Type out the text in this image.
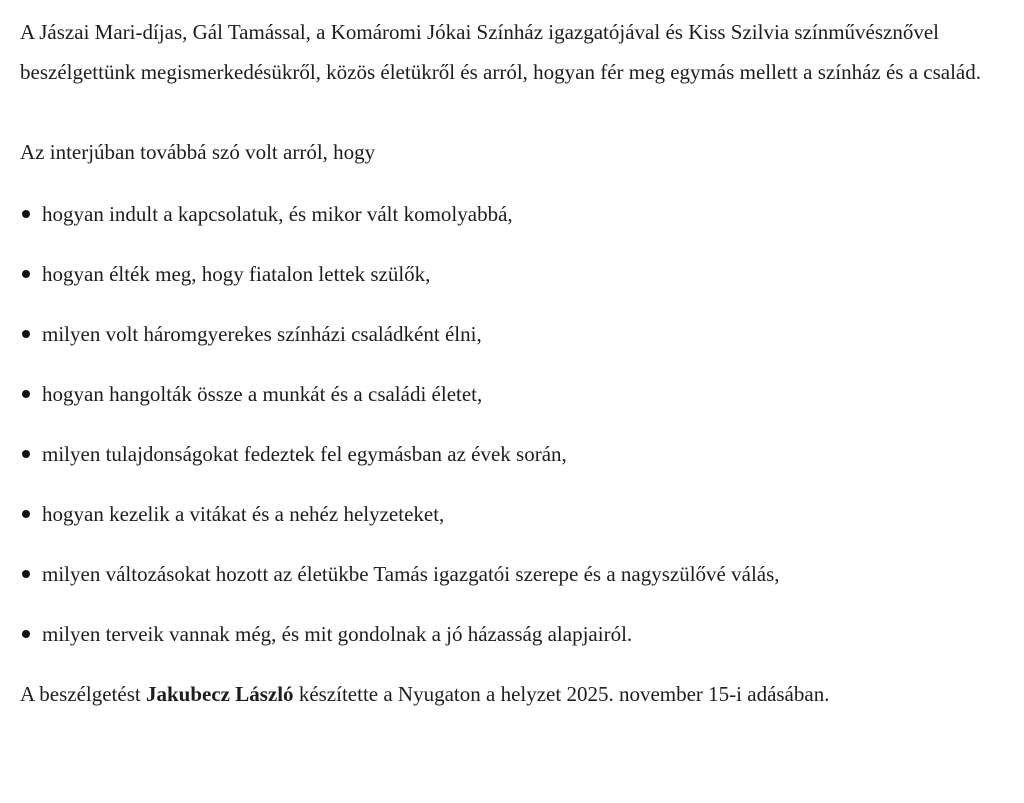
A Jászai Mari-díjas, Gál Tamással, a Komáromi Jókai Színház igazgatójával és Kiss Szilvia színművésznővel beszélgettünk megismerkedésükről, közös életükről és arról, hogyan fér meg egymás mellett a színház és a család.

Az interjúban továbbá szó volt arról, hogy

hogyan indult a kapcsolatuk, és mikor vált komolyabbá,
hogyan élték meg, hogy fiatalon lettek szülők,
milyen volt háromgyerekes színházi családként élni,
hogyan hangolták össze a munkát és a családi életet,
milyen tulajdonságokat fedeztek fel egymásban az évek során,
hogyan kezelik a vitákat és a nehéz helyzeteket,
milyen változásokat hozott az életükbe Tamás igazgatói szerepe és a nagyszülővé válás,
milyen terveik vannak még, és mit gondolnak a jó házasság alapjairól.

A beszélgetést Jakubecz László készítette a Nyugaton a helyzet 2025. november 15-i adásában.
